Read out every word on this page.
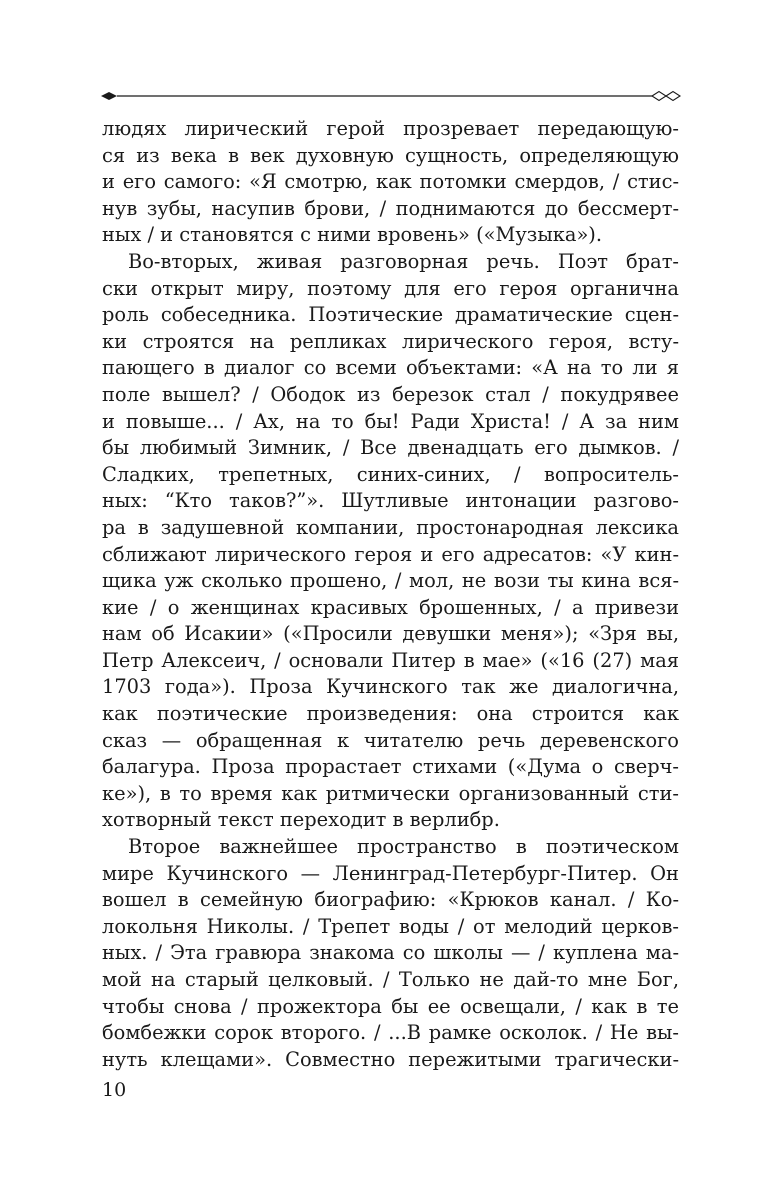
людях лирический герой прозревает передающую-
ся из века в век духовную сущность, определяющую
и его самого: «Я смотрю, как потомки смердов, / стис-
нув зубы, насупив брови, / поднимаются до бессмерт-
ных / и становятся с ними вровень» («Музыка»).
Во-вторых, живая разговорная речь. Поэт брат-
ски открыт миру, поэтому для его героя органична
роль собеседника. Поэтические драматические сцен-
ки строятся на репликах лирического героя, всту-
пающего в диалог со всеми объектами: «А на то ли я
поле вышел? / Ободок из березок стал / покудрявее
и повыше... / Ах, на то бы! Ради Христа! / А за ним
бы любимый Зимник, / Все двенадцать его дымков. /
Сладких, трепетных, синих-синих, / вопроситель-
ных: “Кто таков?”». Шутливые интонации разгово-
ра в задушевной компании, простонародная лексика
сближают лирического героя и его адресатов: «У кин-
щика уж сколько прошено, / мол, не вози ты кина вся-
кие / о женщинах красивых брошенных, / а привези
нам об Исакии» («Просили девушки меня»); «Зря вы,
Петр Алексеич, / основали Питер в мае» («16 (27) мая
1703 года»). Проза Кучинского так же диалогична,
как поэтические произведения: она строится как
сказ — обращенная к читателю речь деревенского
балагура. Проза прорастает стихами («Дума о сверч-
ке»), в то время как ритмически организованный сти-
хотворный текст переходит в верлибр.
Второе важнейшее пространство в поэтическом
мире Кучинского — Ленинград-Петербург-Питер. Он
вошел в семейную биографию: «Крюков канал. / Ко-
локольня Николы. / Трепет воды / от мелодий церков-
ных. / Эта гравюра знакома со школы — / куплена ма-
мой на старый целковый. / Только не дай-то мне Бог,
чтобы снова / прожектора бы ее освещали, / как в те
бомбежки сорок второго. / ...В рамке осколок. / Не вы-
нуть клещами». Совместно пережитыми трагически-
10
